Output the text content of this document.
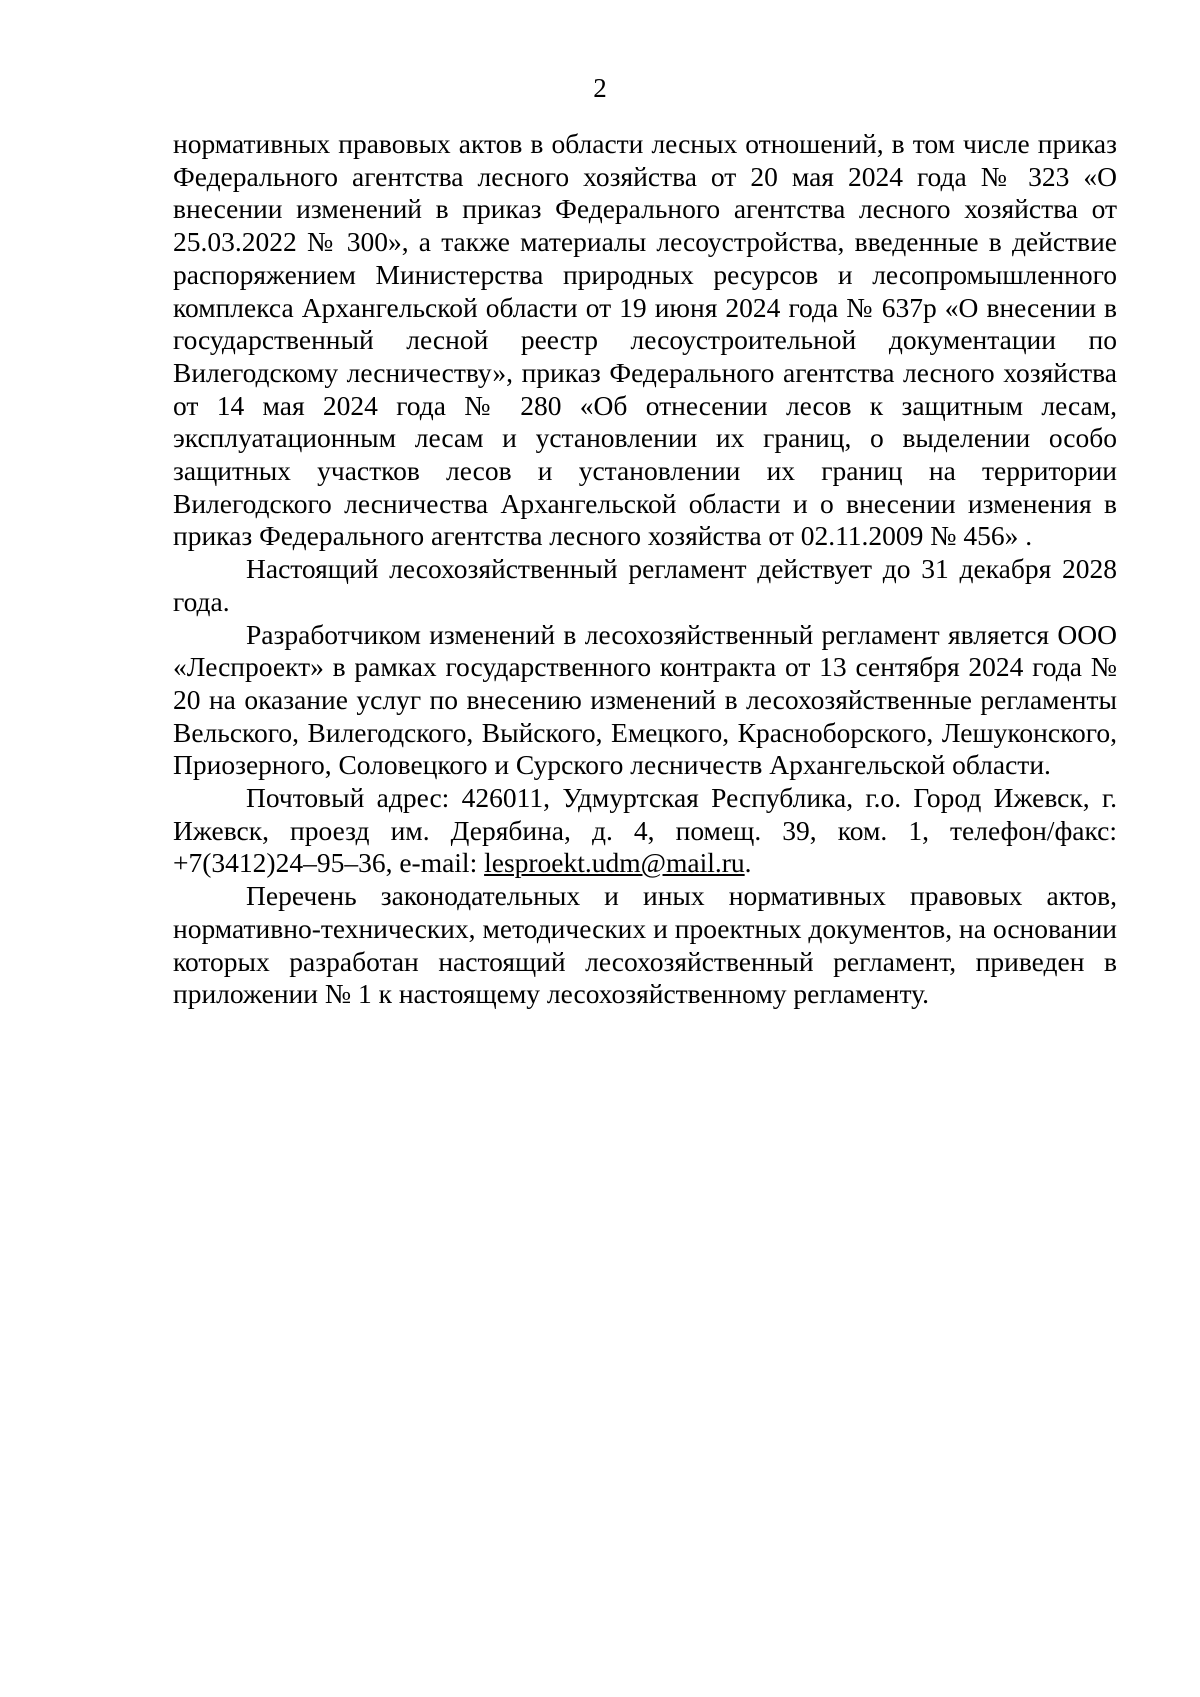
2

нормативных правовых актов в области лесных отношений, в том числе приказ Федерального агентства лесного хозяйства от 20 мая 2024 года № 323 «О внесении изменений в приказ Федерального агентства лесного хозяйства от 25.03.2022 № 300», а также материалы лесоустройства, введенные в действие распоряжением Министерства природных ресурсов и лесопромышленного комплекса Архангельской области от 19 июня 2024 года № 637р «О внесении в государственный лесной реестр лесоустроительной документации по Вилегодскому лесничеству», приказ Федерального агентства лесного хозяйства от 14 мая 2024 года № 280 «Об отнесении лесов к защитным лесам, эксплуатационным лесам и установлении их границ, о выделении особо защитных участков лесов и установлении их границ на территории Вилегодского лесничества Архангельской области и о внесении изменения в приказ Федерального агентства лесного хозяйства от 02.11.2009 № 456» .

Настоящий лесохозяйственный регламент действует до 31 декабря 2028 года.

Разработчиком изменений в лесохозяйственный регламент является ООО «Леспроект» в рамках государственного контракта от 13 сентября 2024 года № 20 на оказание услуг по внесению изменений в лесохозяйственные регламенты Вельского, Вилегодского, Выйского, Емецкого, Красноборского, Лешуконского, Приозерного, Соловецкого и Сурского лесничеств Архангельской области.

Почтовый адрес: 426011, Удмуртская Республика, г.о. Город Ижевск, г. Ижевск, проезд им. Дерябина, д. 4, помещ. 39, ком. 1, телефон/факс: +7(3412)24–95–36, e-mail: lesproekt.udm@mail.ru.

Перечень законодательных и иных нормативных правовых актов, нормативно-технических, методических и проектных документов, на основании которых разработан настоящий лесохозяйственный регламент, приведен в приложении № 1 к настоящему лесохозяйственному регламенту.
